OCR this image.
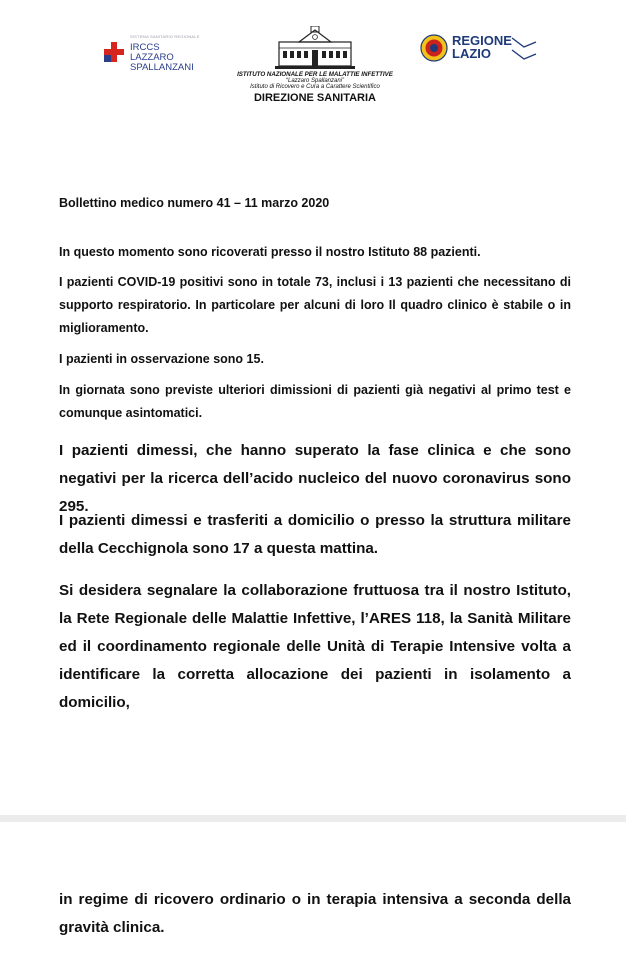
SISTEMA SANITARIO REGIONALE
IRCCS
LAZZARO SPALLANZANI
ISTITUTO NAZIONALE PER LE MALATTIE INFETTIVE
“Lazzaro Spallanzani”
Istituto di Ricovero e Cura a Carattere Scientifico
DIREZIONE SANITARIA
REGIONE
LAZIO

Bollettino medico numero 41 – 11 marzo 2020

In questo momento sono ricoverati presso il nostro Istituto 88 pazienti.

I pazienti COVID-19 positivi sono in totale 73, inclusi i 13 pazienti che necessitano di supporto respiratorio. In particolare per alcuni di loro Il quadro clinico è stabile o in miglioramento.

I pazienti in osservazione sono 15.

In giornata sono previste ulteriori dimissioni di pazienti già negativi al primo test e comunque asintomatici.

I pazienti dimessi, che hanno superato la fase clinica e che sono negativi per la ricerca dell’acido nucleico del nuovo coronavirus sono 295.

I pazienti dimessi e trasferiti a domicilio o presso la struttura militare della Cecchignola sono 17 a questa mattina.

Si desidera segnalare la collaborazione fruttuosa tra il nostro Istituto, la Rete Regionale delle Malattie Infettive, l’ARES 118, la Sanità Militare ed il coordinamento regionale delle Unità di Terapie Intensive volta a identificare la corretta allocazione dei pazienti in isolamento a domicilio,

in regime di ricovero ordinario o in terapia intensiva a seconda della gravità clinica.
